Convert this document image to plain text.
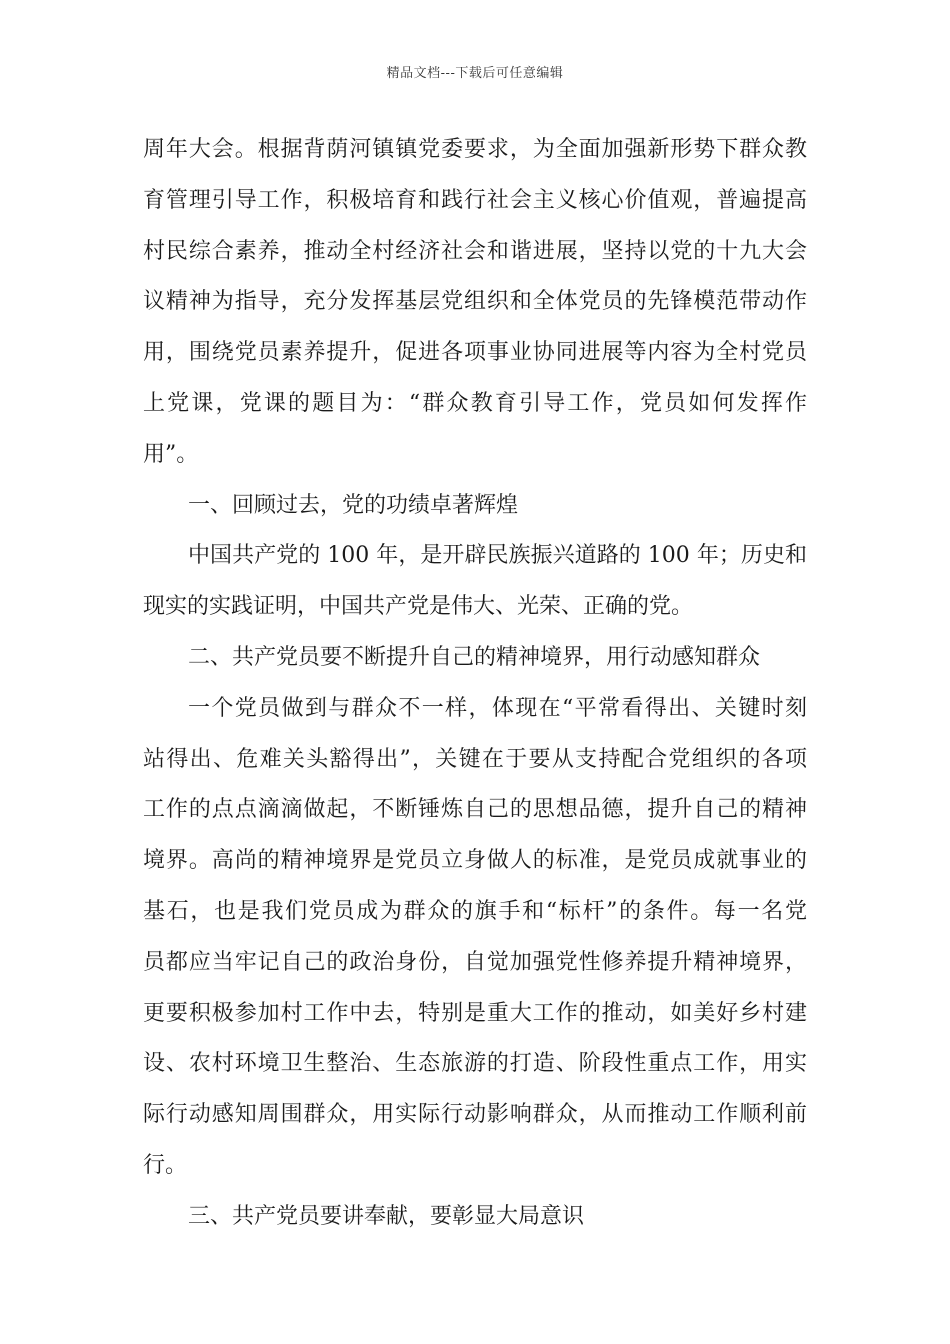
精品文档---下载后可任意编辑
周年大会。根据背荫河镇镇党委要求，为全面加强新形势下群众教
育管理引导工作，积极培育和践行社会主义核心价值观，普遍提高
村民综合素养，推动全村经济社会和谐进展，坚持以党的十九大会
议精神为指导，充分发挥基层党组织和全体党员的先锋模范带动作
用，围绕党员素养提升，促进各项事业协同进展等内容为全村党员
上党课，党课的题目为：“群众教育引导工作，党员如何发挥作
用”。
一、回顾过去，党的功绩卓著辉煌
中国共产党的 100 年，是开辟民族振兴道路的 100 年；历史和
现实的实践证明，中国共产党是伟大、光荣、正确的党。
二、共产党员要不断提升自己的精神境界，用行动感知群众
一个党员做到与群众不一样，体现在“平常看得出、关键时刻
站得出、危难关头豁得出”，关键在于要从支持配合党组织的各项
工作的点点滴滴做起，不断锤炼自己的思想品德，提升自己的精神
境界。高尚的精神境界是党员立身做人的标准，是党员成就事业的
基石，也是我们党员成为群众的旗手和“标杆”的条件。每一名党
员都应当牢记自己的政治身份，自觉加强党性修养提升精神境界，
更要积极参加村工作中去，特别是重大工作的推动，如美好乡村建
设、农村环境卫生整治、生态旅游的打造、阶段性重点工作，用实
际行动感知周围群众，用实际行动影响群众，从而推动工作顺利前
行。
三、共产党员要讲奉献，要彰显大局意识
